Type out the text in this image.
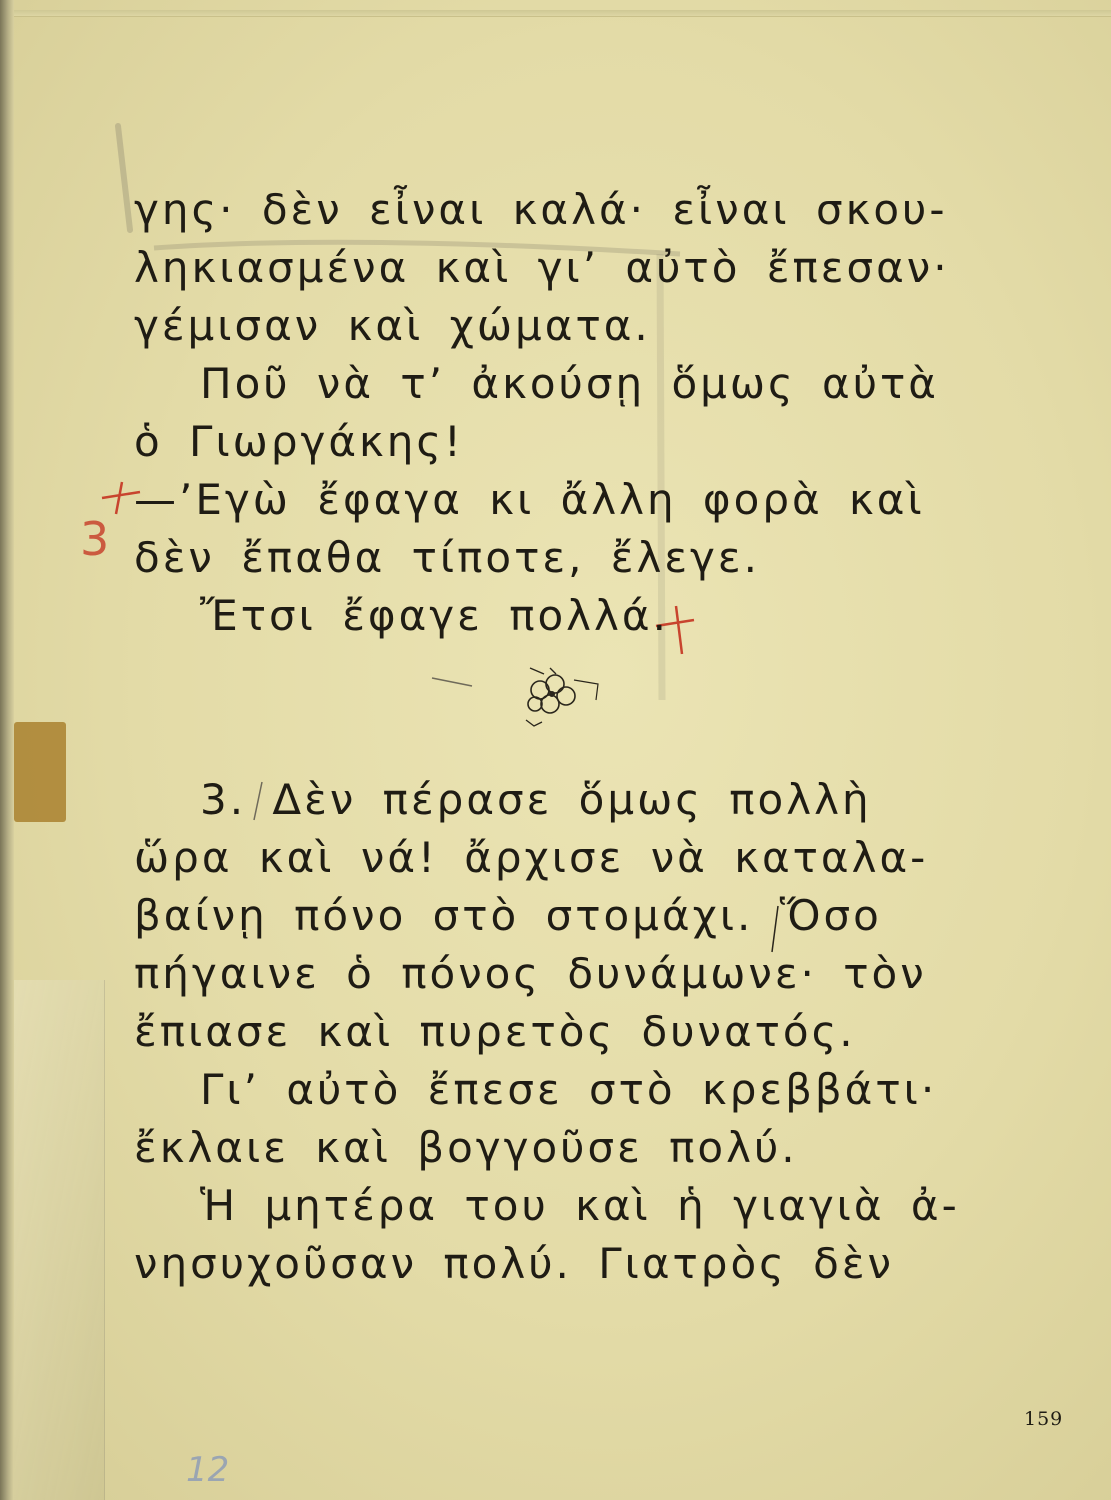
3
γης· δὲν εἶναι καλά· εἶναι σκου-
ληκιασμένα καὶ γι’ αὐτὸ ἔπεσαν·
γέμισαν καὶ χώματα.
Ποῦ νὰ τ’ ἀκούσῃ ὅμως αὐτὰ
ὁ Γιωργάκης!
—’Εγὼ ἔφαγα κι ἄλλη φορὰ καὶ
δὲν ἔπαθα τίποτε, ἔλεγε.
Ἔτσι ἔφαγε πολλά.
3. Δὲν πέρασε ὅμως πολλὴ
ὥρα καὶ νά! ἄρχισε νὰ καταλα-
βαίνῃ πόνο στὸ στομάχι. Ὅσο
πήγαινε ὁ πόνος δυνάμωνε· τὸν
ἔπιασε καὶ πυρετὸς δυνατός.
Γι’ αὐτὸ ἔπεσε στὸ κρεββάτι·
ἔκλαιε καὶ βογγοῦσε πολύ.
Ἡ μητέρα του καὶ ἡ γιαγιὰ ἀ-
νησυχοῦσαν πολύ. Γιατρὸς δὲν
12
159
